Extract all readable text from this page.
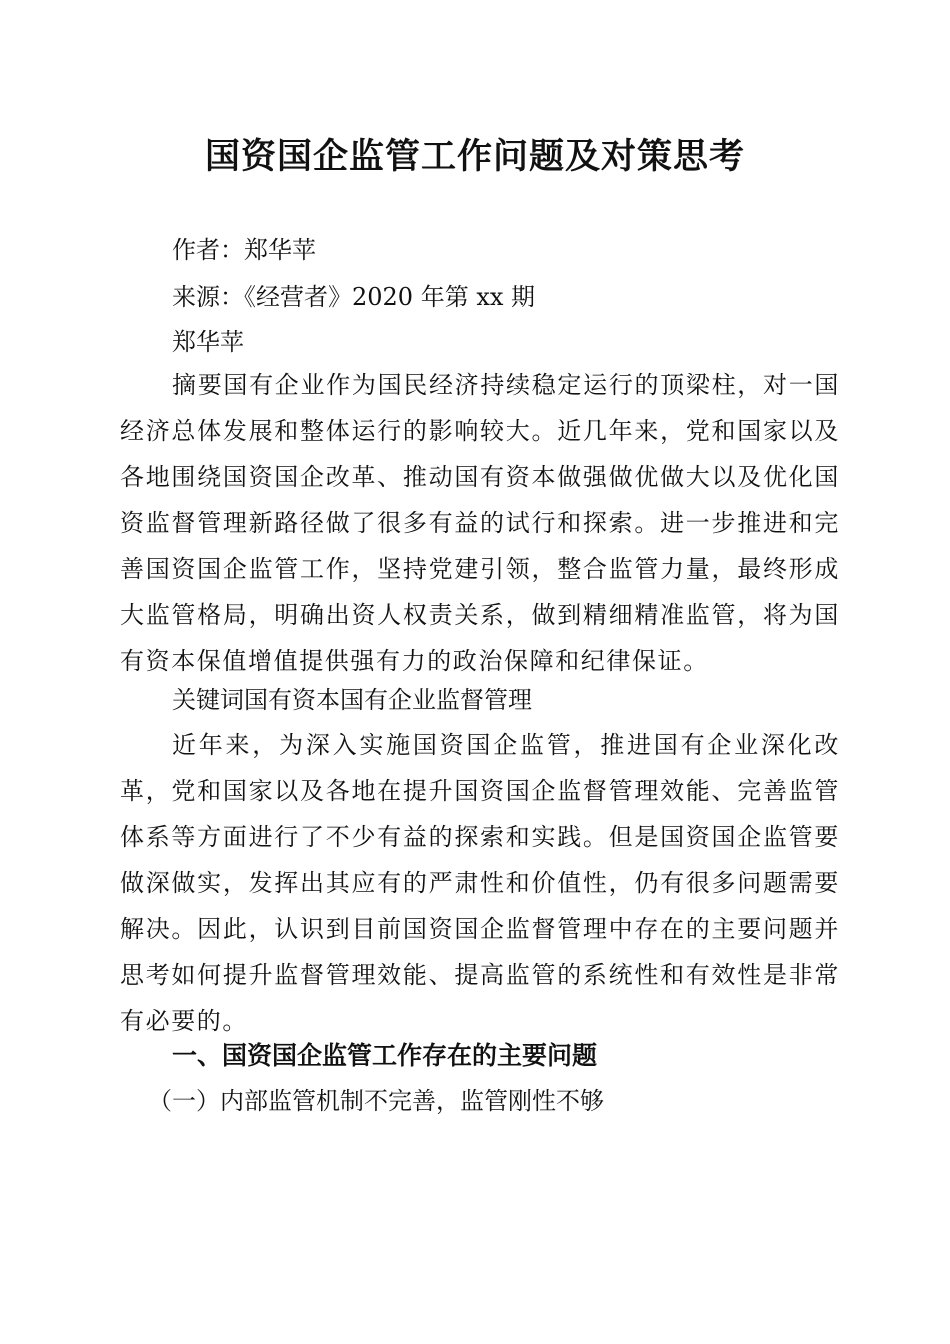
国资国企监管工作问题及对策思考
作者：郑华苹
来源：《经营者》2020 年第 xx 期
郑华苹

摘要国有企业作为国民经济持续稳定运行的顶梁柱，对一国经济总体发展和整体运行的影响较大。近几年来，党和国家以及各地围绕国资国企改革、推动国有资本做强做优做大以及优化国资监督管理新路径做了很多有益的试行和探索。进一步推进和完善国资国企监管工作，坚持党建引领，整合监管力量，最终形成大监管格局，明确出资人权责关系，做到精细精准监管，将为国有资本保值增值提供强有力的政治保障和纪律保证。

关键词国有资本国有企业监督管理

近年来，为深入实施国资国企监管，推进国有企业深化改革，党和国家以及各地在提升国资国企监督管理效能、完善监管体系等方面进行了不少有益的探索和实践。但是国资国企监管要做深做实，发挥出其应有的严肃性和价值性，仍有很多问题需要解决。因此，认识到目前国资国企监督管理中存在的主要问题并思考如何提升监督管理效能、提高监管的系统性和有效性是非常有必要的。

一、国资国企监管工作存在的主要问题
（一）内部监管机制不完善，监管刚性不够
